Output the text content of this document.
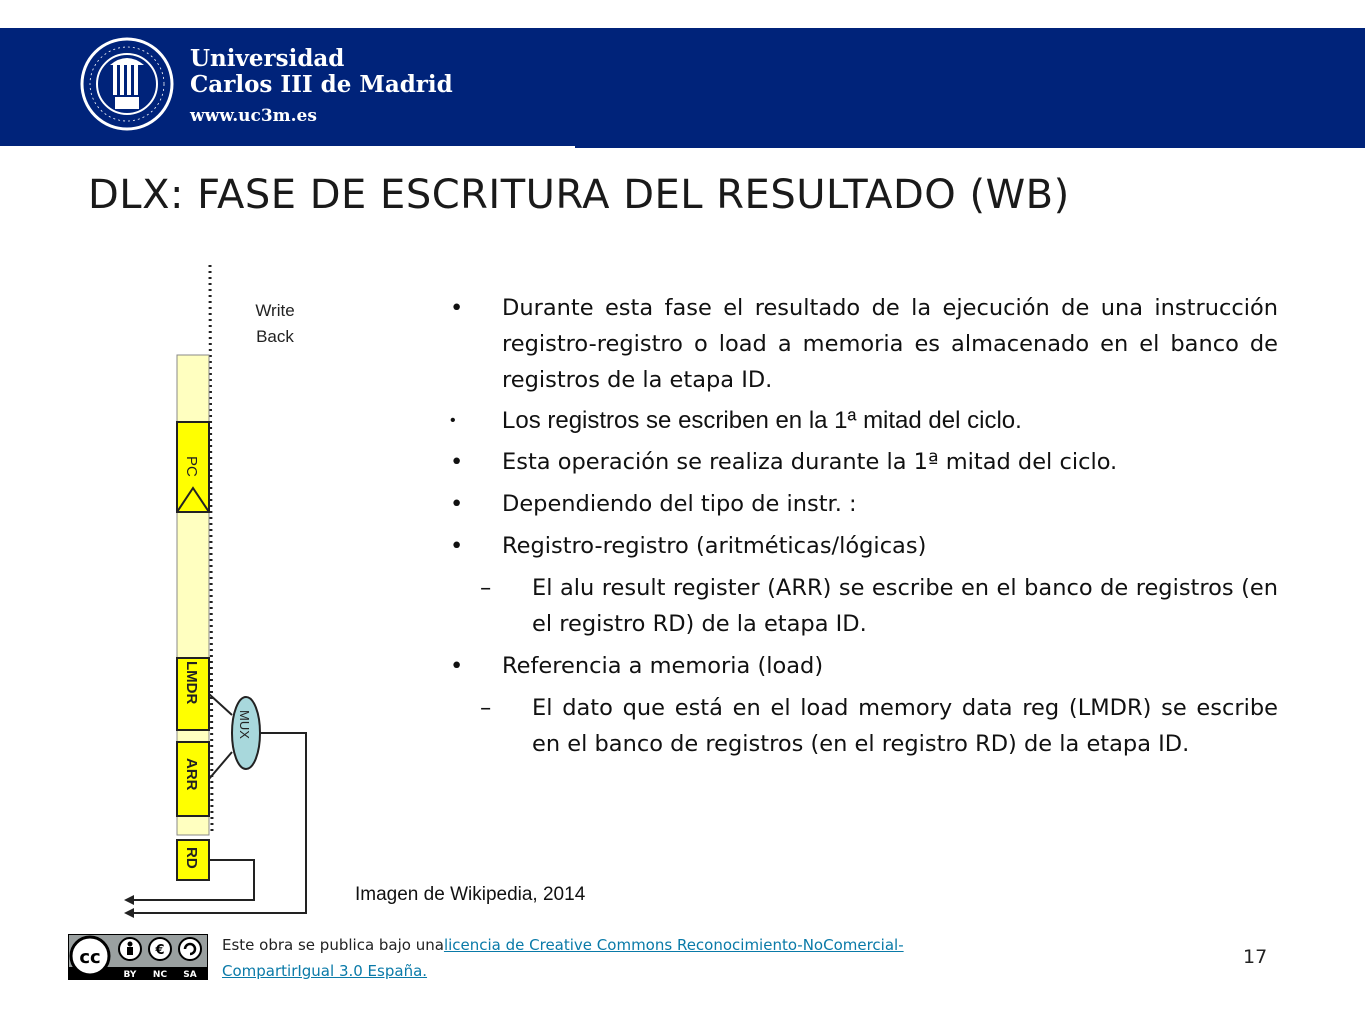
Universidad
Carlos III de Madrid
www.uc3m.es
DLX: FASE DE ESCRITURA DEL RESULTADO (WB)
Write
Back
PC
LMDR
ARR
RD
MUX
• Durante esta fase el resultado de la ejecución de una instrucción registro-registro o load a memoria es almacenado en el banco de registros de la etapa ID.
• Los registros se escriben en la 1ª mitad del ciclo.
• Esta operación se realiza durante la 1ª mitad del ciclo.
• Dependiendo del tipo de instr. :
• Registro-registro (aritméticas/lógicas)
– El alu result register (ARR) se escribe en el banco de registros (en el registro RD) de la etapa ID.
• Referencia a memoria (load)
– El dato que está en el load memory data reg (LMDR) se escribe en el banco de registros (en el registro RD) de la etapa ID.
Imagen de Wikipedia, 2014
cc	€
BY NC SA
Este obra se publica bajo unalicencia de Creative Commons Reconocimiento-NoComercial-CompartirIgual 3.0 España.
17
